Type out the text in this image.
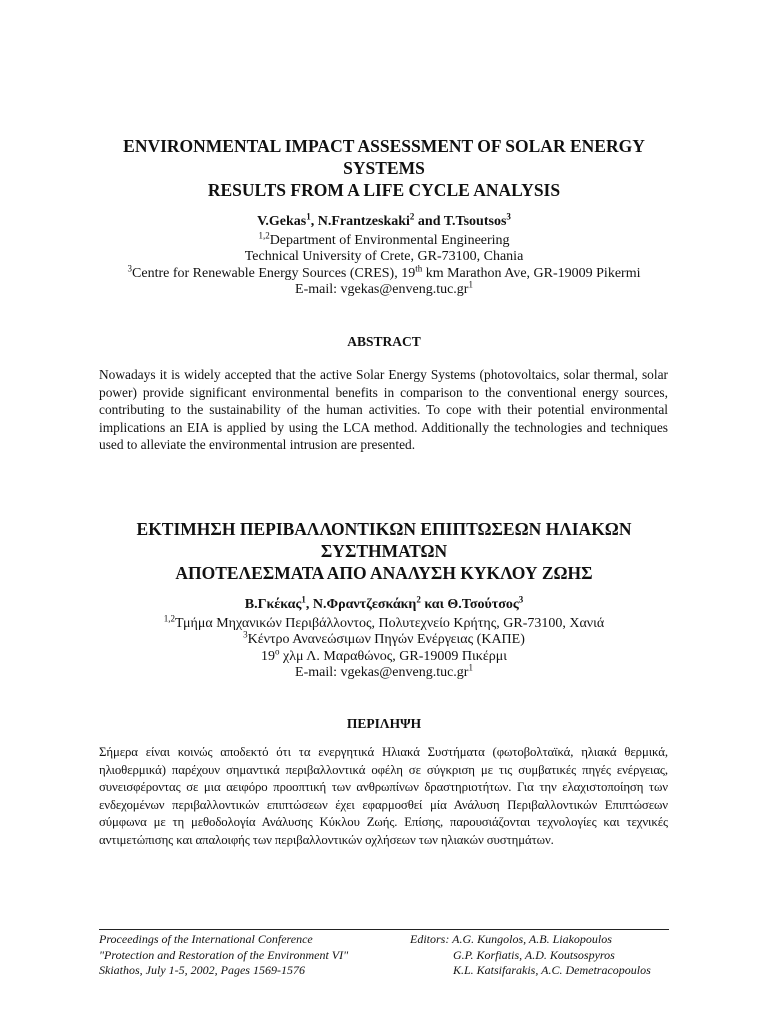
ENVIRONMENTAL IMPACT ASSESSMENT OF SOLAR ENERGY
SYSTEMS
RESULTS FROM A LIFE CYCLE ANALYSIS
V.Gekas$^1$, N.Frantzeskaki$^2$ and T.Tsoutsos$^3$
$^{1,2}$Department of Environmental Engineering
Technical University of Crete, GR-73100, Chania
$^3$Centre for Renewable Energy Sources (CRES), 19th km Marathon Ave, GR-19009 Pikermi
E-mail: $vgekas@enveng.tuc.gr^1$
ABSTRACT
Nowadays it is widely accepted that the active Solar Energy Systems (photovoltaics, solar thermal, solar power) provide significant environmental benefits in comparison to the conventional energy sources, contributing to the sustainability of the human activities. To cope with their potential environmental implications an EIA is applied by using the LCA method. Additionally the technologies and techniques used to alleviate the environmental intrusion are presented.
ΕΚΤΙΜΗΣΗ ΠΕΡΙΒΑΛΛΟΝΤΙΚΩΝ ΕΠΙΠΤΩΣΕΩΝ ΗΛΙΑΚΩΝ
ΣΥΣΤΗΜΑΤΩΝ
ΑΠΟΤΕΛΕΣΜΑΤΑ ΑΠΟ ΑΝΑΛΥΣΗ ΚΥΚΛΟΥ ΖΩΗΣ
Β.Γκέκας$^1$, Ν.Φραντζεσκάκη$^2$ και Θ.Τσούτσος$^3$
$^{1,2}$Τμήμα Μηχανικών Περιβάλλοντος, Πολυτεχνείο Κρήτης, GR-73100, Χανιά
$^3$Κέντρο Ανανεώσιμων Πηγών Ενέργειας (ΚΑΠΕ)
$19^o$ χλμ Λ. Μαραθώνος, GR-19009 Πικέρμι
E-mail: $vgekas@enveng.tuc.gr^1$
ΠΕΡΙΛΗΨΗ
Σήμερα είναι κοινώς αποδεκτό ότι τα ενεργητικά Ηλιακά Συστήματα (φωτοβολταϊκά, ηλιακά θερμικά, ηλιοθερμικά) παρέχουν σημαντικά περιβαλλοντικά οφέλη σε σύγκριση με τις συμβατικές πηγές ενέργειας, συνεισφέροντας σε μια αειφόρο προοπτική των ανθρωπίνων δραστηριοτήτων. Για την ελαχιστοποίηση των ενδεχομένων περιβαλλοντικών επιπτώσεων έχει εφαρμοσθεί μία Ανάλυση Περιβαλλοντικών Επιπτώσεων σύμφωνα με τη μεθοδολογία Ανάλυσης Κύκλου Ζωής. Επίσης, παρουσιάζονται τεχνολογίες και τεχνικές αντιμετώπισης και απαλοιφής των περιβαλλοντικών οχλήσεων των ηλιακών συστημάτων.
Proceedings of the International Conference
"Protection and Restoration of the Environment VI"
Skiathos, July 1-5, 2002, Pages 1569-1576
Editors: A.G. Kungolos, A.B. Liakopoulos
G.P. Korfiatis, A.D. Koutsospyros
K.L. Katsifarakis, A.C. Demetracopoulos
